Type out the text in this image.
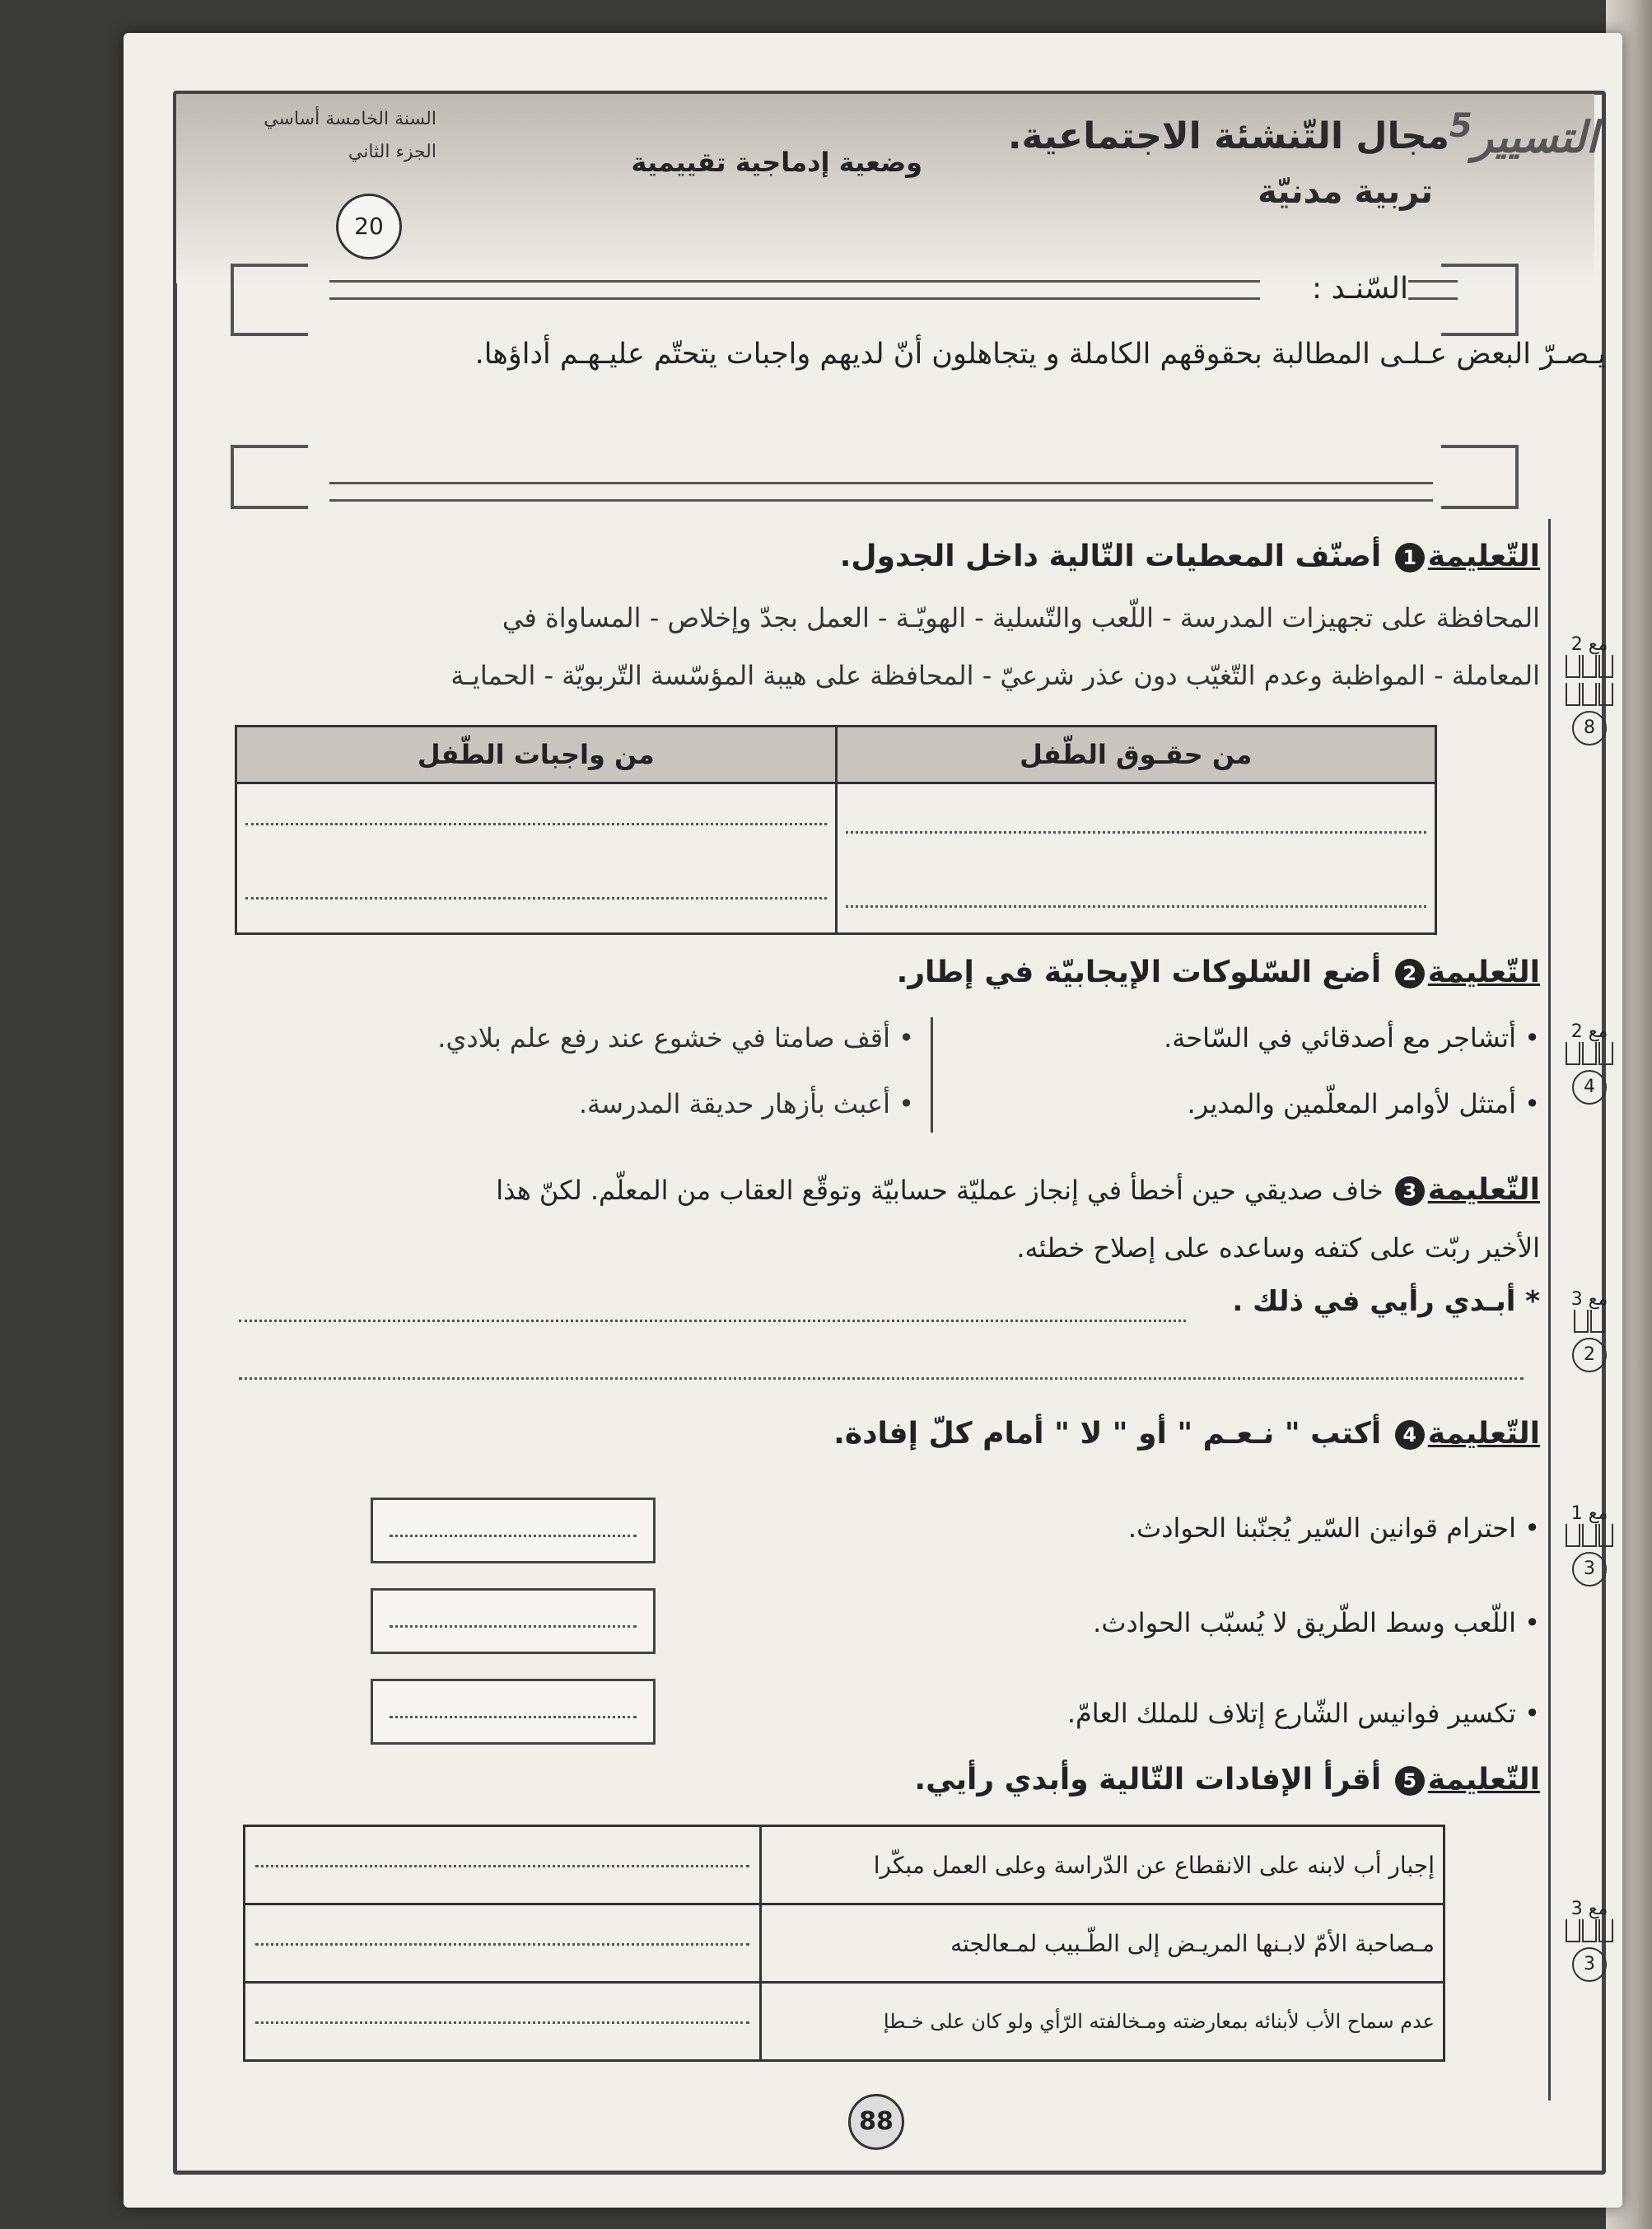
التسيير$^5$
مجال التّنشئة الاجتماعية.
تربية مدنيّة
وضعية إدماجية تقييمية
السنة الخامسة أساسي
الجزء الثاني
20
السّنـد :
يـصـرّ البعض عـلـى المطالبة بحقوقهم الكاملة و يتجاهلون أنّ لديهم واجبات يتحتّم عليـهـم أداؤها.
التّعليمة1 أصنّف المعطيات التّالية داخل الجدول.
المحافظة على تجهيزات المدرسة - اللّعب والتّسلية - الهويّـة - العمل بجدّ وإخلاص - المساواة في
المعاملة - المواظبة وعدم التّغيّب دون عذر شرعيّ - المحافظة على هيبة المؤسّسة التّربويّة - الحمايـة
من واجبات الطّفل	من حقـوق الطّفل

التّعليمة2 أضع السّلوكات الإيجابيّة في إطار.
• أتشاجر مع أصدقائي في السّاحة.
• أمتثل لأوامر المعلّمين والمدير.
• أقف صامتا في خشوع عند رفع علم بلادي.
• أعبث بأزهار حديقة المدرسة.
التّعليمة3 خاف صديقي حين أخطأ في إنجاز عمليّة حسابيّة وتوقّع العقاب من المعلّم. لكنّ هذا
الأخير ربّت على كتفه وساعده على إصلاح خطئه.
* أبـدي رأيي في ذلك .
التّعليمة4 أكتب " نـعـم " أو " لا " أمام كلّ إفادة.
• احترام قوانين السّير يُجنّبنا الحوادث.
• اللّعب وسط الطّريق لا يُسبّب الحوادث.
• تكسير فوانيس الشّارع إتلاف للملك العامّ.
التّعليمة5 أقرأ الإفادات التّالية وأبدي رأيي.
	إجبار أب لابنه على الانقطاع عن الدّراسة وعلى العمل مبكّرا

	مـصاحبة الأمّ لابـنها المريـض إلى الطّـبيب لمـعالجته

	عدم سماح الأب لأبنائه بمعارضته ومـخالفته الرّأي ولو كان على خـطإ
مع 2
8
مع 2
4
مع 3
2
مع 1
3
مع 3
3
88
